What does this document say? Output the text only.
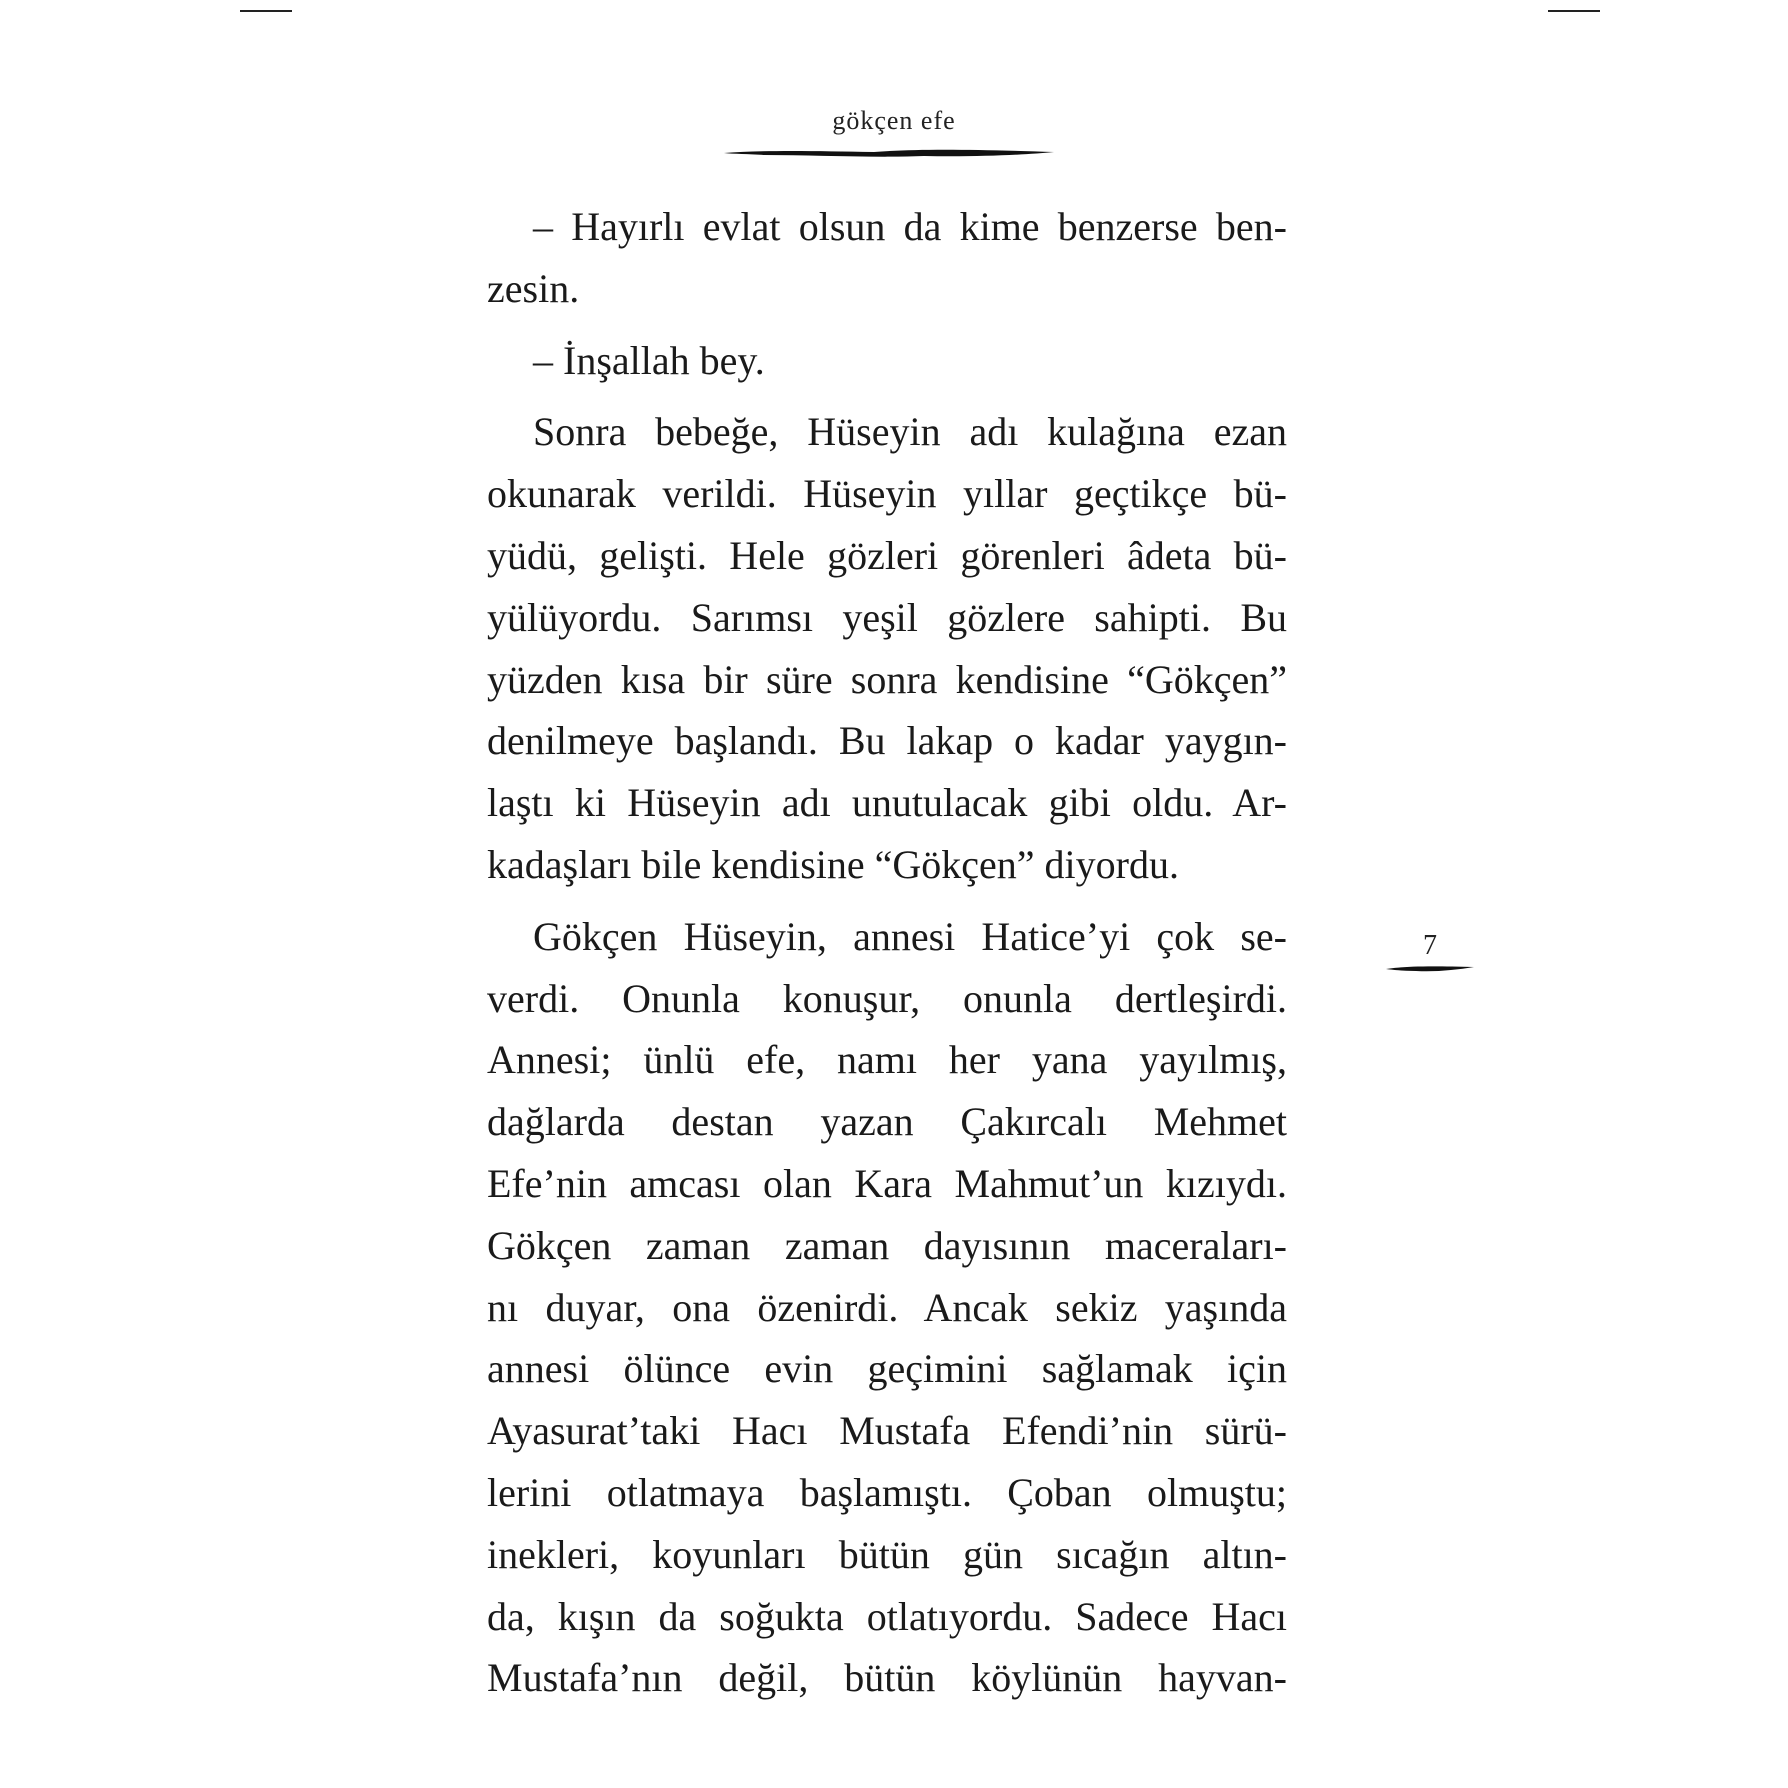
gökçen efe
– Hayırlı evlat olsun da kime benzerse ben-
zesin.
– İnşallah bey.
Sonra bebeğe, Hüseyin adı kulağına ezan
okunarak verildi. Hüseyin yıllar geçtikçe bü-
yüdü, gelişti. Hele gözleri görenleri âdeta bü-
yülüyordu. Sarımsı yeşil gözlere sahipti. Bu
yüzden kısa bir süre sonra kendisine “Gökçen”
denilmeye başlandı. Bu lakap o kadar yaygın-
laştı ki Hüseyin adı unutulacak gibi oldu. Ar-
kadaşları bile kendisine “Gökçen” diyordu.
Gökçen Hüseyin, annesi Hatice’yi çok se-
verdi. Onunla konuşur, onunla dertleşirdi.
Annesi; ünlü efe, namı her yana yayılmış,
dağlarda destan yazan Çakırcalı Mehmet
Efe’nin amcası olan Kara Mahmut’un kızıydı.
Gökçen zaman zaman dayısının maceraları-
nı duyar, ona özenirdi. Ancak sekiz yaşında
annesi ölünce evin geçimini sağlamak için
Ayasurat’taki Hacı Mustafa Efendi’nin sürü-
lerini otlatmaya başlamıştı. Çoban olmuştu;
inekleri, koyunları bütün gün sıcağın altın-
da, kışın da soğukta otlatıyordu. Sadece Hacı
Mustafa’nın değil, bütün köylünün hayvan-
7
